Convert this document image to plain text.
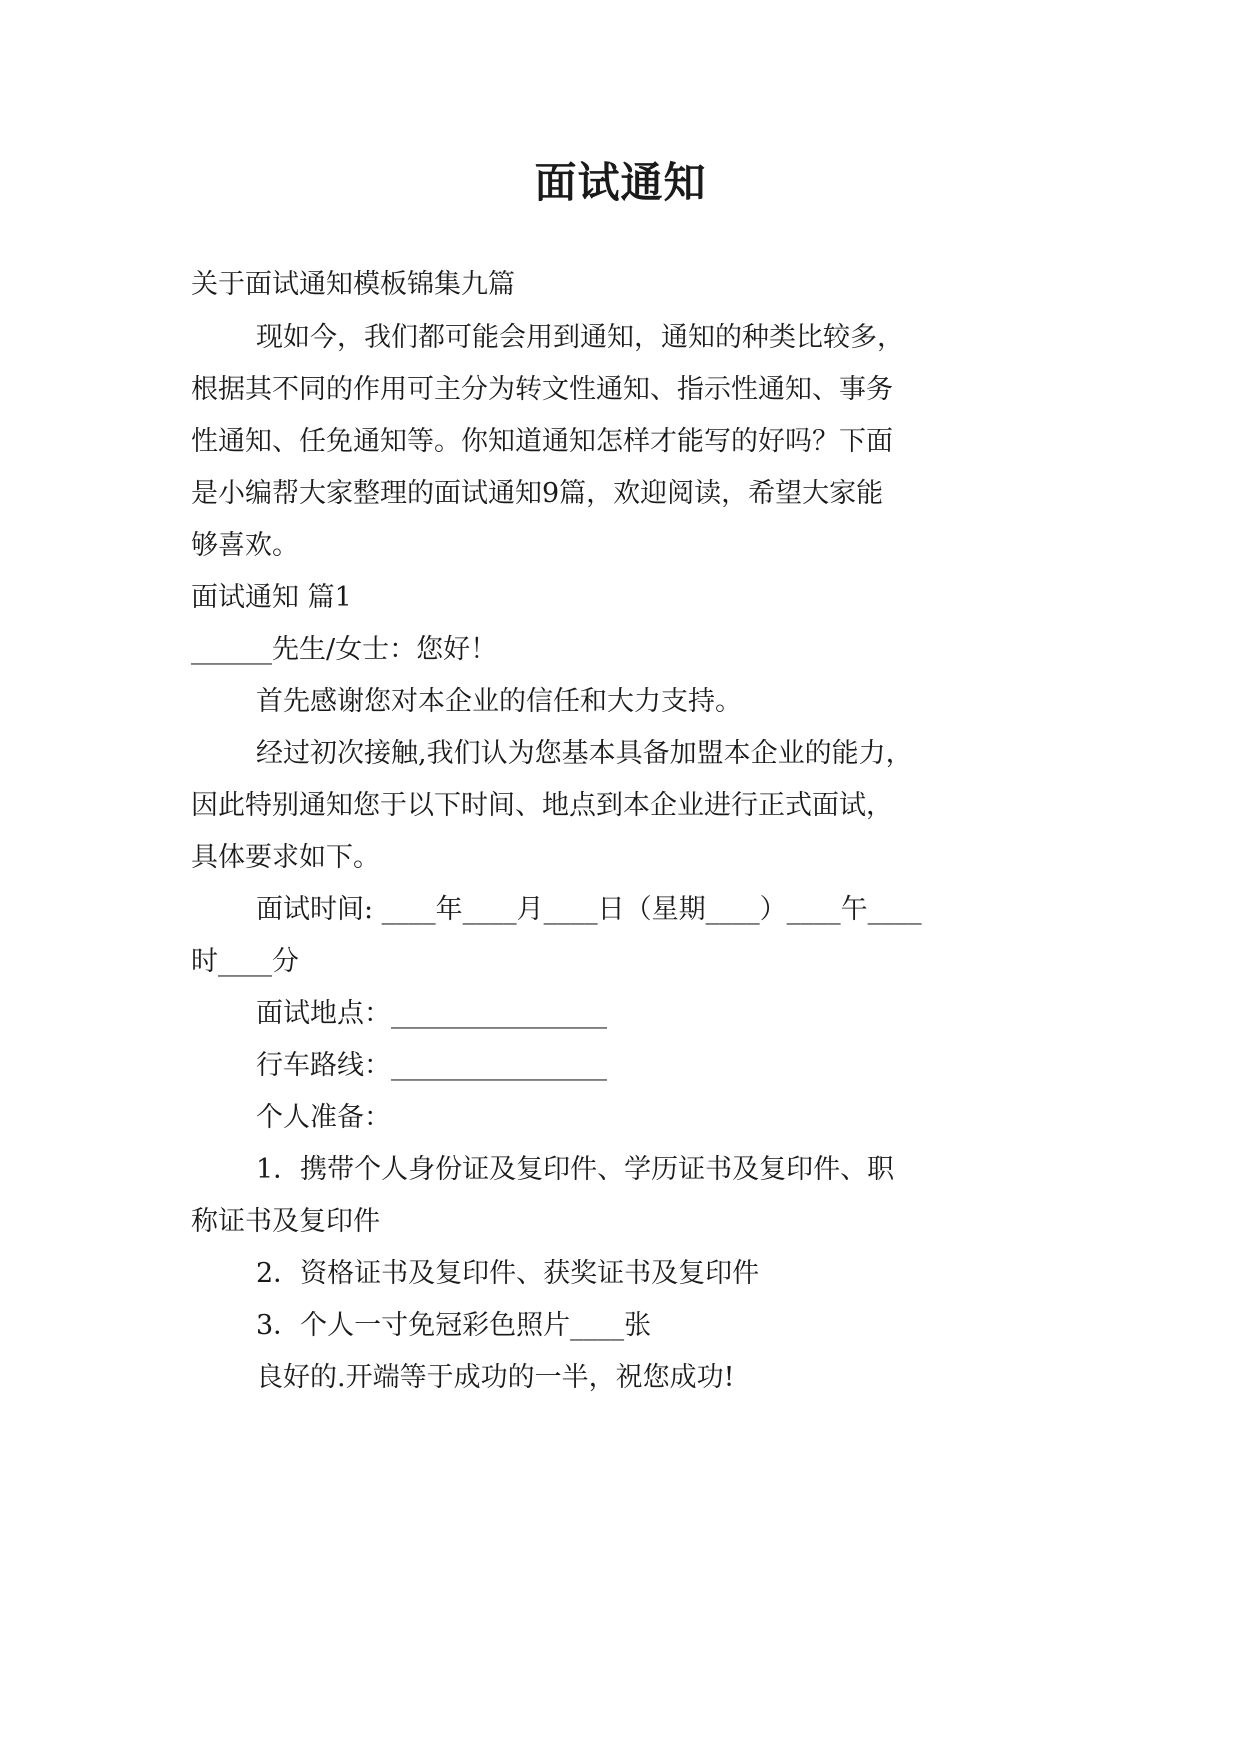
面试通知
关于面试通知模板锦集九篇
现如今，我们都可能会用到通知，通知的种类比较多，
根据其不同的作用可主分为转文性通知、指示性通知、事务
性通知、任免通知等。你知道通知怎样才能写的好吗？下面
是小编帮大家整理的面试通知9篇，欢迎阅读，希望大家能
够喜欢。
面试通知 篇1
______先生/女士：您好！
首先感谢您对本企业的信任和大力支持。
经过初次接触,我们认为您基本具备加盟本企业的能力，
因此特别通知您于以下时间、地点到本企业进行正式面试，
具体要求如下。
面试时间: ____年____月____日（星期____）____午____
时____分
面试地点：________________
行车路线：________________
个人准备：
1．携带个人身份证及复印件、学历证书及复印件、职
称证书及复印件
2．资格证书及复印件、获奖证书及复印件
3．个人一寸免冠彩色照片____张
良好的.开端等于成功的一半，祝您成功!
